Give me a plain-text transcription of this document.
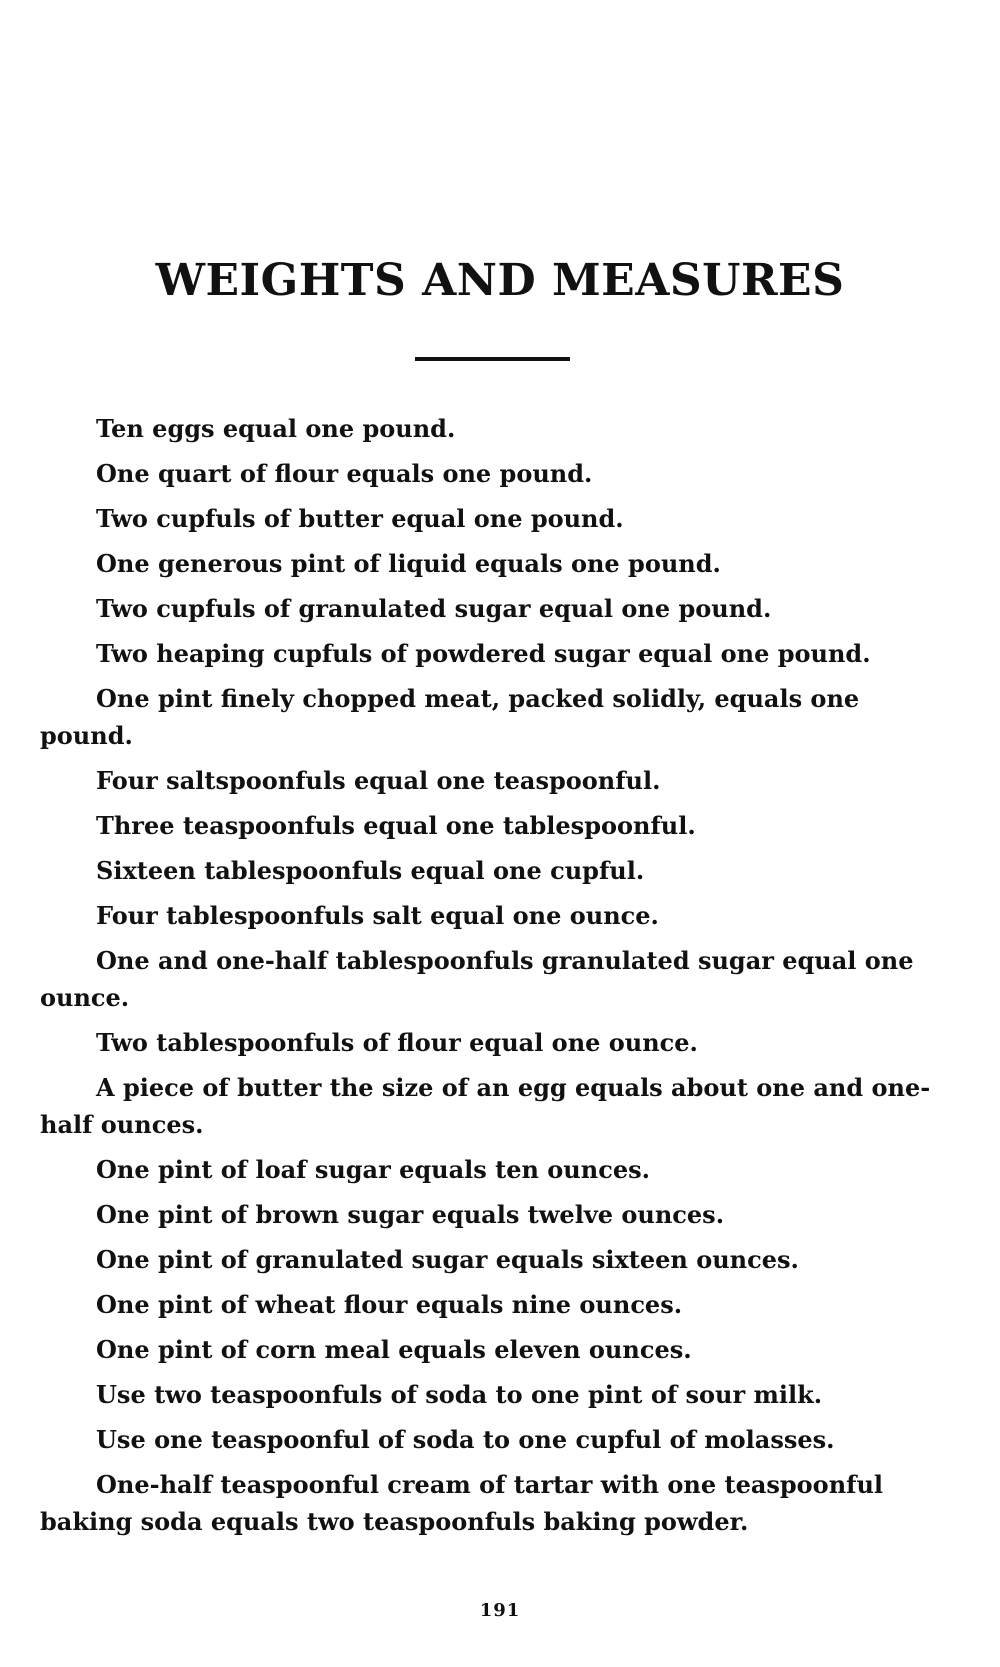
WEIGHTS AND MEASURES
Ten eggs equal one pound.
One quart of flour equals one pound.
Two cupfuls of butter equal one pound.
One generous pint of liquid equals one pound.
Two cupfuls of granulated sugar equal one pound.
Two heaping cupfuls of powdered sugar equal one pound.
One pint finely chopped meat, packed solidly, equals one pound.
Four saltspoonfuls equal one teaspoonful.
Three teaspoonfuls equal one tablespoonful.
Sixteen tablespoonfuls equal one cupful.
Four tablespoonfuls salt equal one ounce.
One and one-half tablespoonfuls granulated sugar equal one ounce.
Two tablespoonfuls of flour equal one ounce.
A piece of butter the size of an egg equals about one and one-half ounces.
One pint of loaf sugar equals ten ounces.
One pint of brown sugar equals twelve ounces.
One pint of granulated sugar equals sixteen ounces.
One pint of wheat flour equals nine ounces.
One pint of corn meal equals eleven ounces.
Use two teaspoonfuls of soda to one pint of sour milk.
Use one teaspoonful of soda to one cupful of molasses.
One-half teaspoonful cream of tartar with one teaspoonful baking soda equals two teaspoonfuls baking powder.
191
